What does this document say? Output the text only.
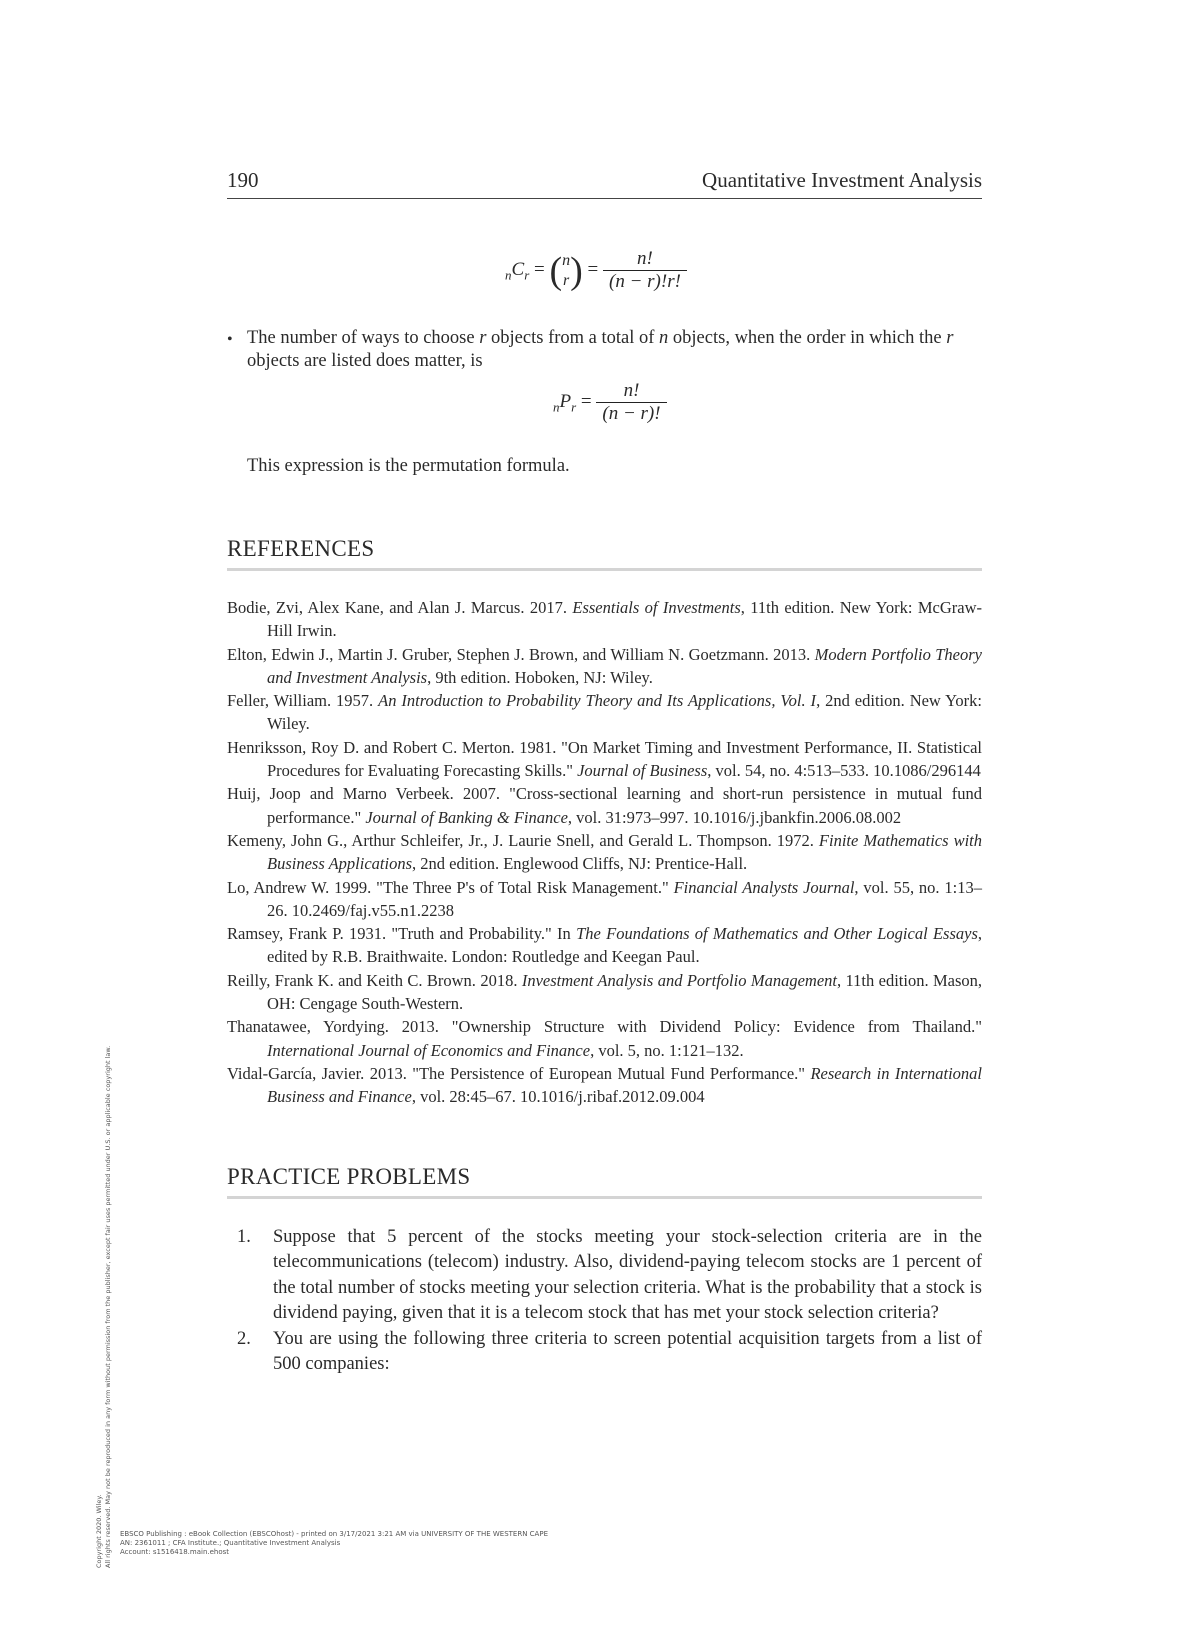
190	Quantitative Investment Analysis
$_nC_r$ = ( n
r ) = $\frac{n!}{(n - r)!r!}$
• The number of ways to choose r objects from a total of n objects, when the order in which the r objects are listed does matter, is
$_nP_r = \frac{n!}{(n - r)!}$
This expression is the permutation formula.
REFERENCES
Bodie, Zvi, Alex Kane, and Alan J. Marcus. 2017. Essentials of Investments, 11th edition. New York: McGraw-Hill Irwin.
Elton, Edwin J., Martin J. Gruber, Stephen J. Brown, and William N. Goetzmann. 2013. Modern Portfolio Theory and Investment Analysis, 9th edition. Hoboken, NJ: Wiley.
Feller, William. 1957. An Introduction to Probability Theory and Its Applications, Vol. I, 2nd edition. New York: Wiley.
Henriksson, Roy D. and Robert C. Merton. 1981. "On Market Timing and Investment Performance, II. Statistical Procedures for Evaluating Forecasting Skills." Journal of Business, vol. 54, no. 4:513–533. 10.1086/296144
Huij, Joop and Marno Verbeek. 2007. "Cross-sectional learning and short-run persistence in mutual fund performance." Journal of Banking & Finance, vol. 31:973–997. 10.1016/j.jbankfin.2006.08.002
Kemeny, John G., Arthur Schleifer, Jr., J. Laurie Snell, and Gerald L. Thompson. 1972. Finite Mathematics with Business Applications, 2nd edition. Englewood Cliffs, NJ: Prentice-Hall.
Lo, Andrew W. 1999. "The Three P's of Total Risk Management." Financial Analysts Journal, vol. 55, no. 1:13–26. 10.2469/faj.v55.n1.2238
Ramsey, Frank P. 1931. "Truth and Probability." In The Foundations of Mathematics and Other Logical Essays, edited by R.B. Braithwaite. London: Routledge and Keegan Paul.
Reilly, Frank K. and Keith C. Brown. 2018. Investment Analysis and Portfolio Management, 11th edition. Mason, OH: Cengage South-Western.
Thanatawee, Yordying. 2013. "Ownership Structure with Dividend Policy: Evidence from Thailand." International Journal of Economics and Finance, vol. 5, no. 1:121–132.
Vidal-García, Javier. 2013. "The Persistence of European Mutual Fund Performance." Research in International Business and Finance, vol. 28:45–67. 10.1016/j.ribaf.2012.09.004
PRACTICE PROBLEMS
1. Suppose that 5 percent of the stocks meeting your stock-selection criteria are in the telecommunications (telecom) industry. Also, dividend-paying telecom stocks are 1 percent of the total number of stocks meeting your selection criteria. What is the probability that a stock is dividend paying, given that it is a telecom stock that has met your stock selection criteria?
2. You are using the following three criteria to screen potential acquisition targets from a list of 500 companies:
Copyright 2020. Wiley. All rights reserved. May not be reproduced in any form without permission from the publisher, except fair uses permitted under U.S. or applicable copyright law. EBSCO Publishing : eBook Collection (EBSCOhost) - printed on 3/17/2021 3:21 AM via UNIVERSITY OF THE WESTERN CAPE
AN: 2361011 ; CFA Institute.; Quantitative Investment Analysis
Account: s1516418.main.ehost
